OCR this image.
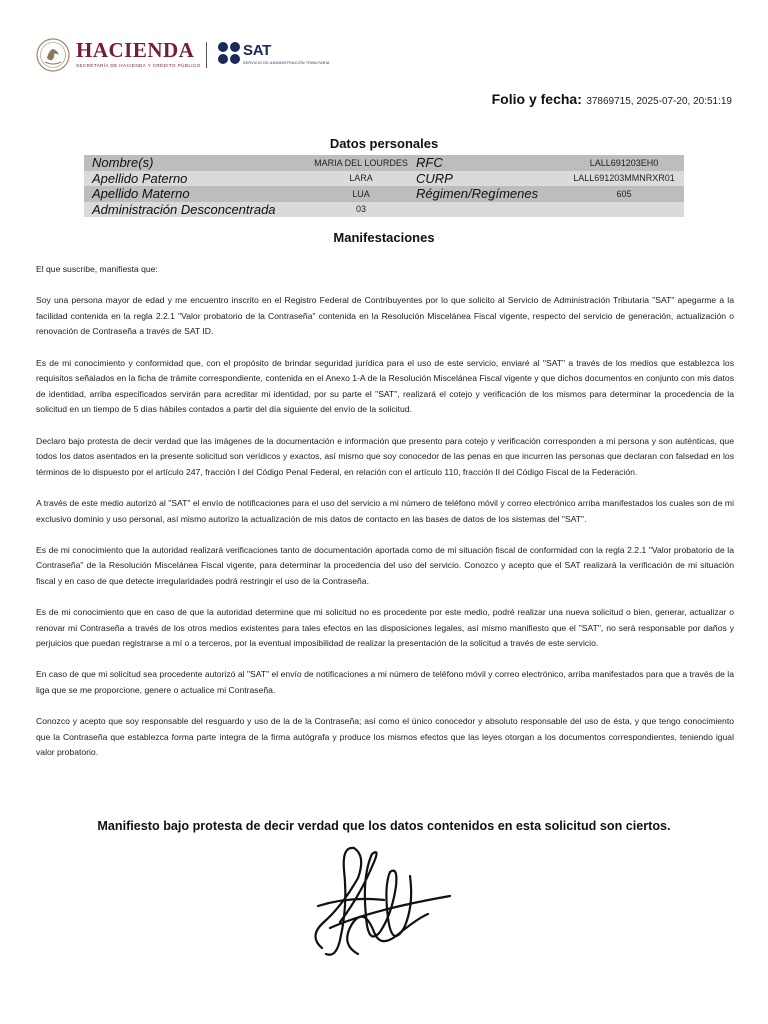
HACIENDA
SECRETARÍA DE HACIENDA Y CRÉDITO PÚBLICO
SAT
SERVICIO DE ADMINISTRACIÓN TRIBUTARIA
Folio y fecha: 37869715, 2025-07-20, 20:51:19
Datos personales
Nombre(s)	MARIA DEL LOURDES	RFC	LALL691203EH0
Apellido Paterno	LARA	CURP	LALL691203MMNRXR01
Apellido Materno	LUA	Régimen/Regímenes	605
Administración Desconcentrada	03		
Manifestaciones

El que suscribe, manifiesta que:

Soy una persona mayor de edad y me encuentro inscrito en el Registro Federal de Contribuyentes por lo que solicito al Servicio de Administración Tributaria "SAT" apegarme a la facilidad contenida en la regla 2.2.1 "Valor probatorio de la Contraseña" contenida en la Resolución Miscelánea Fiscal vigente, respecto del servicio de generación, actualización o renovación de Contraseña a través de SAT ID.

Es de mi conocimiento y conformidad que, con el propósito de brindar seguridad jurídica para el uso de este servicio, enviaré al "SAT" a través de los medios que establezca los requisitos señalados en la ficha de trámite correspondiente, contenida en el Anexo 1-A de la Resolución Miscelánea Fiscal vigente y que dichos documentos en conjunto con mis datos de identidad, arriba especificados servirán para acreditar mi identidad, por su parte el "SAT", realizará el cotejo y verificación de los mismos para determinar la procedencia de la solicitud en un tiempo de 5 días hábiles contados a partir del día siguiente del envío de la solicitud.

Declaro bajo protesta de decir verdad que las imágenes de la documentación e información que presento para cotejo y verificación corresponden a mi persona y son auténticas, que todos los datos asentados en la presente solicitud son verídicos y exactos, así mismo que soy conocedor de las penas en que incurren las personas que declaran con falsedad en los términos de lo dispuesto por el artículo 247, fracción I del Código Penal Federal, en relación con el artículo 110, fracción II del Código Fiscal de la Federación.

A través de este medio autorizó al "SAT" el envío de notificaciones para el uso del servicio a mi número de teléfono móvil y correo electrónico arriba manifestados los cuales son de mi exclusivo dominio y uso personal, así mismo autorizo la actualización de mis datos de contacto en las bases de datos de los sistemas del "SAT".

Es de mi conocimiento que la autoridad realizará verificaciones tanto de documentación aportada como de mi situación fiscal de conformidad con la regla 2.2.1 "Valor probatorio de la Contraseña" de la Resolución Miscelánea Fiscal vigente, para determinar la procedencia del uso del servicio. Conozco y acepto que el SAT realizará la verificación de mi situación fiscal y en caso de que detecte irregularidades podrá restringir el uso de la Contraseña.

Es de mi conocimiento que en caso de que la autoridad determine que mi solicitud no es procedente por este medio, podré realizar una nueva solicitud o bien, generar, actualizar o renovar mi Contraseña a través de los otros medios existentes para tales efectos en las disposiciones legales, así mismo manifiesto que el "SAT", no será responsable por daños y perjuicios que puedan registrarse a mí o a terceros, por la eventual imposibilidad de realizar la presentación de la solicitud a través de este servicio.

En caso de que mi solicitud sea procedente autorizó al "SAT" el envío de notificaciones a mi número de teléfono móvil y correo electrónico, arriba manifestados para que a través de la liga que se me proporcione, genere o actualice mi Contraseña.

Conozco y acepto que soy responsable del resguardo y uso de la de la Contraseña; así como el único conocedor y absoluto responsable del uso de ésta, y que tengo conocimiento que la Contraseña que establezca forma parte íntegra de la firma autógrafa y produce los mismos efectos que las leyes otorgan a los documentos correspondientes, teniendo igual valor probatorio.

Manifiesto bajo protesta de decir verdad que los datos contenidos en esta solicitud son ciertos.
